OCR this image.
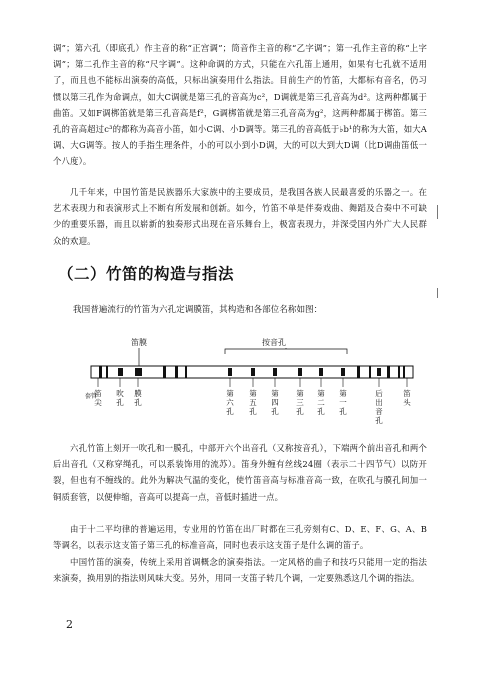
调”；第六孔（即底孔）作主音的称“正宫调”；筒音作主音的称“乙字调”；第一孔作主音的称“上字调”；第二孔作主音的称“尺字调”。这种命调的方式，只能在六孔笛上通用，如果有七孔就不适用了，而且也不能标出演奏的高低，只标出演奏用什么指法。目前生产的竹笛，大都标有音名，仍习惯以第三孔作为命调点，如大C调就是第三孔的音高为c²，D调就是第三孔音高为d²。这两种都属于曲笛。又如F调梆笛就是第三孔音高是f²，G调梆笛就是第三孔音高为g²，这两种都属于梆笛。第三孔的音高超过c³的都称为高音小笛，如小C调、小D调等。第三孔的音高低于♭b¹的称为大笛，如大A调、大G调等。按人的手指生理条件，小的可以小到小D调，大的可以大到大D调（比D调曲笛低一个八度）。

几千年来，中国竹笛是民族器乐大家族中的主要成员，是我国各族人民最喜爱的乐器之一。在艺术表现力和表演形式上不断有所发展和创新。如今，竹笛不单是伴奏戏曲、舞蹈及合奏中不可缺少的重要乐器，而且以崭新的独奏形式出现在音乐舞台上，极富表现力，并深受国内外广大人民群众的欢迎。

（二）竹笛的构造与指法

我国普遍流行的竹笛为六孔定调膜笛，其构造和各部位名称如图：

笛膜	按音孔
笛尖
吹孔
膜孔
第六孔
第五孔
第四孔
第三孔
第二孔
第一孔
后出音孔
笛头
套管

六孔竹笛上刻开一吹孔和一膜孔，中部开六个出音孔（又称按音孔），下端两个前出音孔和两个后出音孔（又称穿绳孔，可以系装饰用的流苏）。笛身外缠有丝线24圈（表示二十四节气）以防开裂，但也有不缠线的。此外为解决气温的变化，使竹笛音高与标准音高一致，在吹孔与膜孔间加一铜质套管，以便伸缩，音高可以提高一点，音低时插进一点。

由于十二平均律的普遍运用，专业用的竹笛在出厂时都在三孔旁刻有C、D、E、F、G、A、B等调名，以表示这支笛子第三孔的标准音高，同时也表示这支笛子是什么调的笛子。

中国竹笛的演奏，传统上采用首调概念的演奏指法。一定风格的曲子和技巧只能用一定的指法来演奏，换用别的指法则风味大变。另外，用同一支笛子转几个调，一定要熟悉这几个调的指法。

2
